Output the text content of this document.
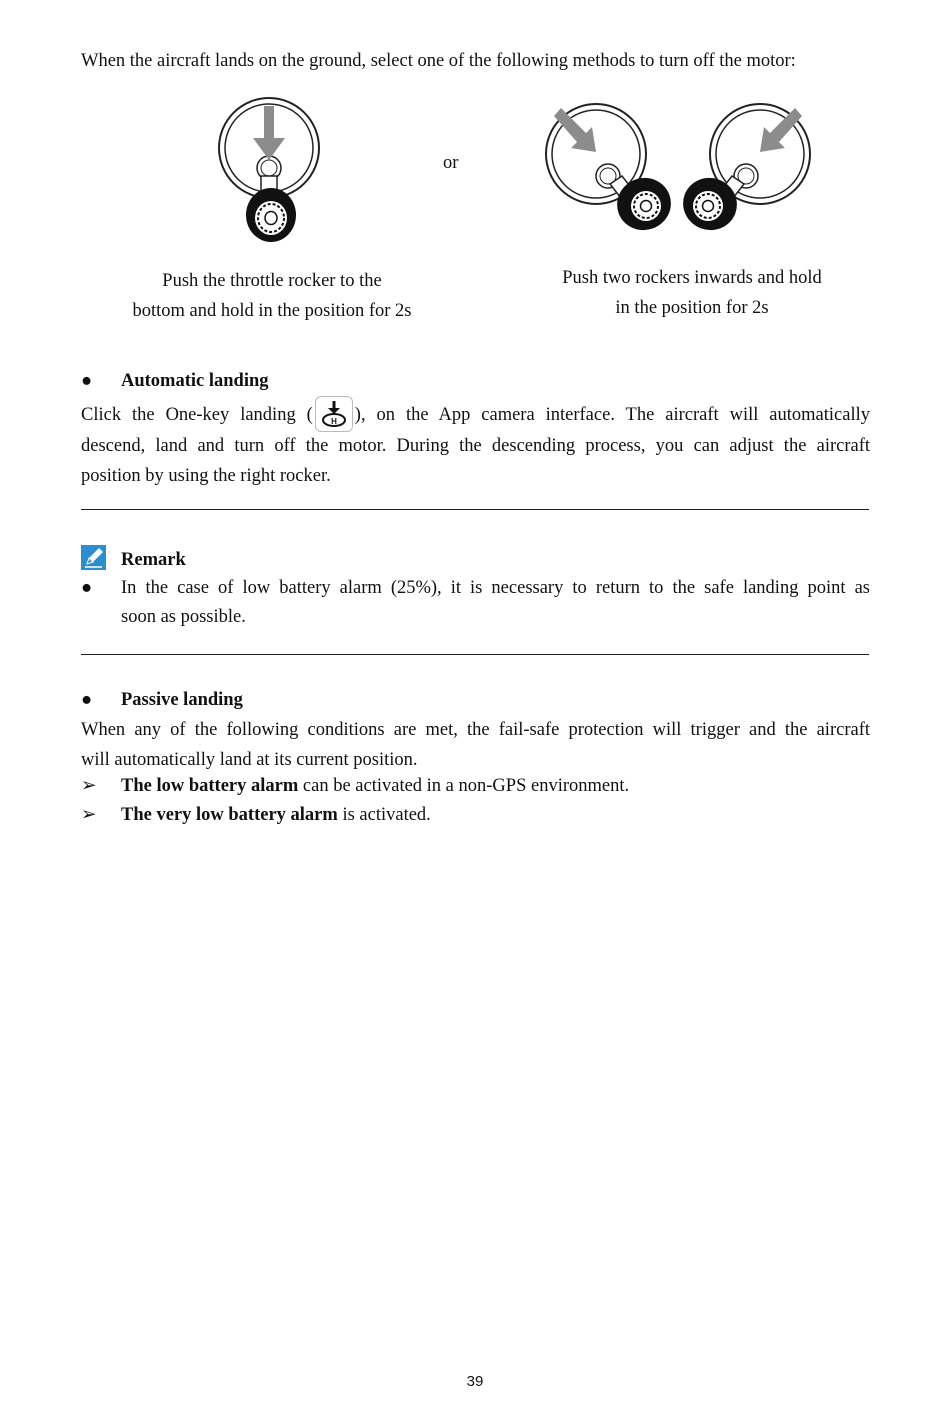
When the aircraft lands on the ground, select one of the following methods to turn off the motor:
or
Push the throttle rocker to the
bottom and hold in the position for 2s
Push two rockers inwards and hold
in the position for 2s
● Automatic landing
Click the One-key landing ( H ), on the App camera interface. The aircraft will automatically
descend, land and turn off the motor. During the descending process, you can adjust the aircraft
position by using the right rocker.
Remark
● In the case of low battery alarm (25%), it is necessary to return to the safe landing point as
soon as possible.
● Passive landing
When any of the following conditions are met, the fail-safe protection will trigger and the aircraft
will automatically land at its current position.
➢ The low battery alarm can be activated in a non-GPS environment.
➢ The very low battery alarm is activated.
39
